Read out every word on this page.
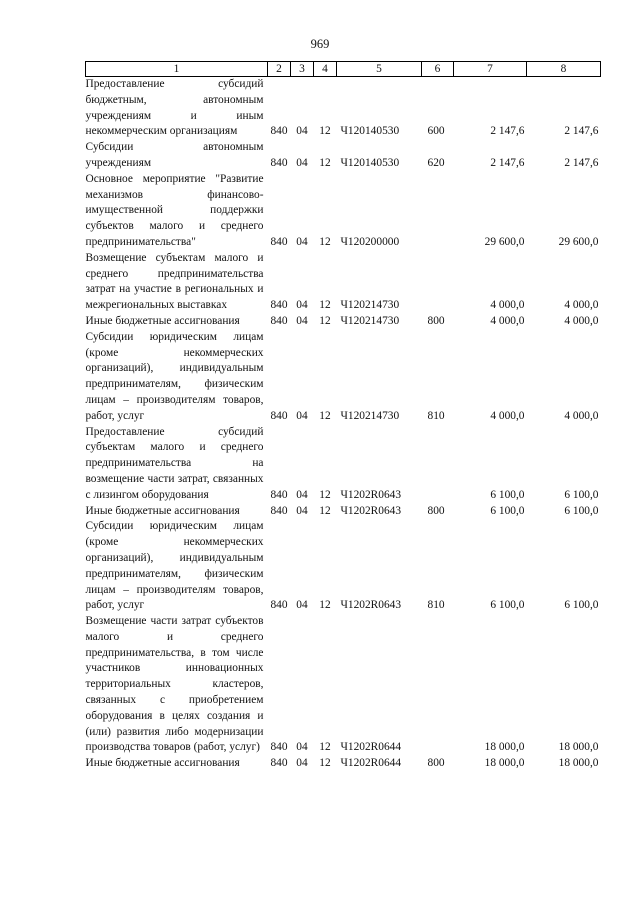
969
1	2	3	4	5	6	7	8
Предоставление субсидий бюджетным, автономным учреждениям и иным некоммерческим организациям	840	04	12	Ч120140530	600	2 147,6	2 147,6
Субсидии автономным учреждениям	840	04	12	Ч120140530	620	2 147,6	2 147,6
Основное мероприятие "Развитие механизмов финансово-имущественной поддержки субъектов малого и среднего предпринимательства"	840	04	12	Ч120200000		29 600,0	29 600,0
Возмещение субъектам малого и среднего предпринимательства затрат на участие в региональных и межрегиональных выставках	840	04	12	Ч120214730		4 000,0	4 000,0
Иные бюджетные ассигнования	840	04	12	Ч120214730	800	4 000,0	4 000,0
Субсидии юридическим лицам (кроме некоммерческих организаций), индивидуальным предпринимателям, физическим лицам – производителям товаров, работ, услуг	840	04	12	Ч120214730	810	4 000,0	4 000,0
Предоставление субсидий субъектам малого и среднего предпринимательства на возмещение части затрат, связанных с лизингом оборудования	840	04	12	Ч1202R0643		6 100,0	6 100,0
Иные бюджетные ассигнования	840	04	12	Ч1202R0643	800	6 100,0	6 100,0
Субсидии юридическим лицам (кроме некоммерческих организаций), индивидуальным предпринимателям, физическим лицам – производителям товаров, работ, услуг	840	04	12	Ч1202R0643	810	6 100,0	6 100,0
Возмещение части затрат субъектов малого и среднего предпринимательства, в том числе участников инновационных территориальных кластеров, связанных с приобретением оборудования в целях создания и (или) развития либо модернизации производства товаров (работ, услуг)	840	04	12	Ч1202R0644		18 000,0	18 000,0
Иные бюджетные ассигнования	840	04	12	Ч1202R0644	800	18 000,0	18 000,0
